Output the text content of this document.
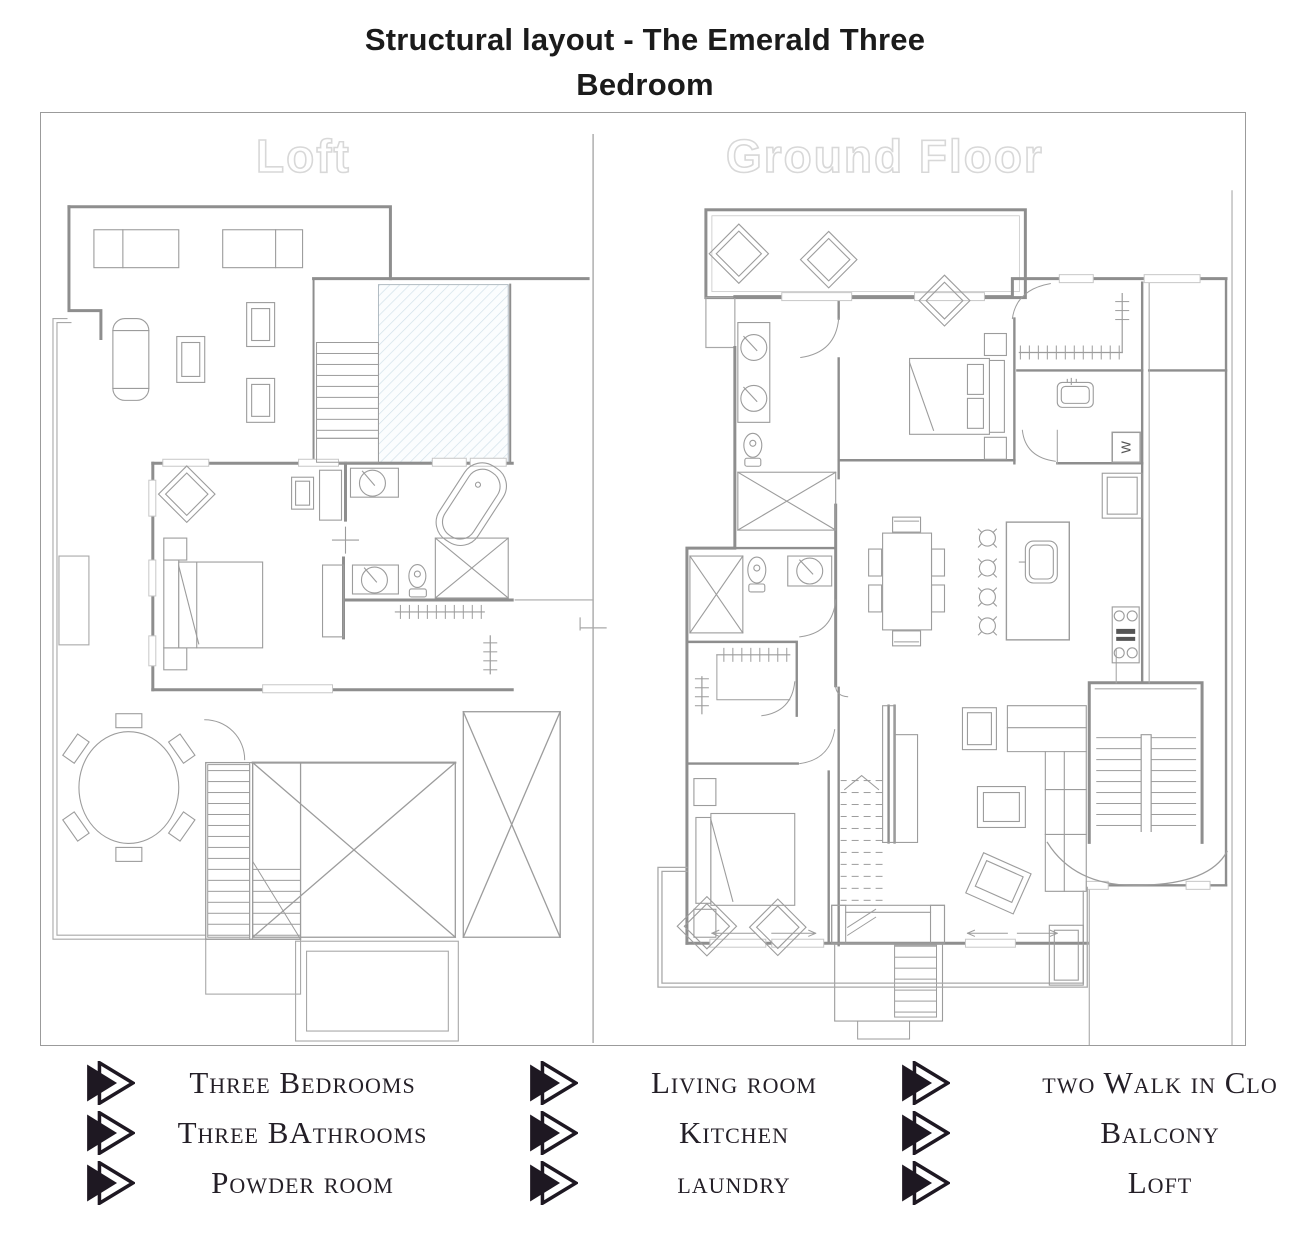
Structural layout - The Emerald Three
Bedroom
W
Loft	Ground Floor
Three Bedrooms
Three BAthrooms
Powder room
Living room
Kitchen
laundry
two Walk in Clo
Balcony
Loft
